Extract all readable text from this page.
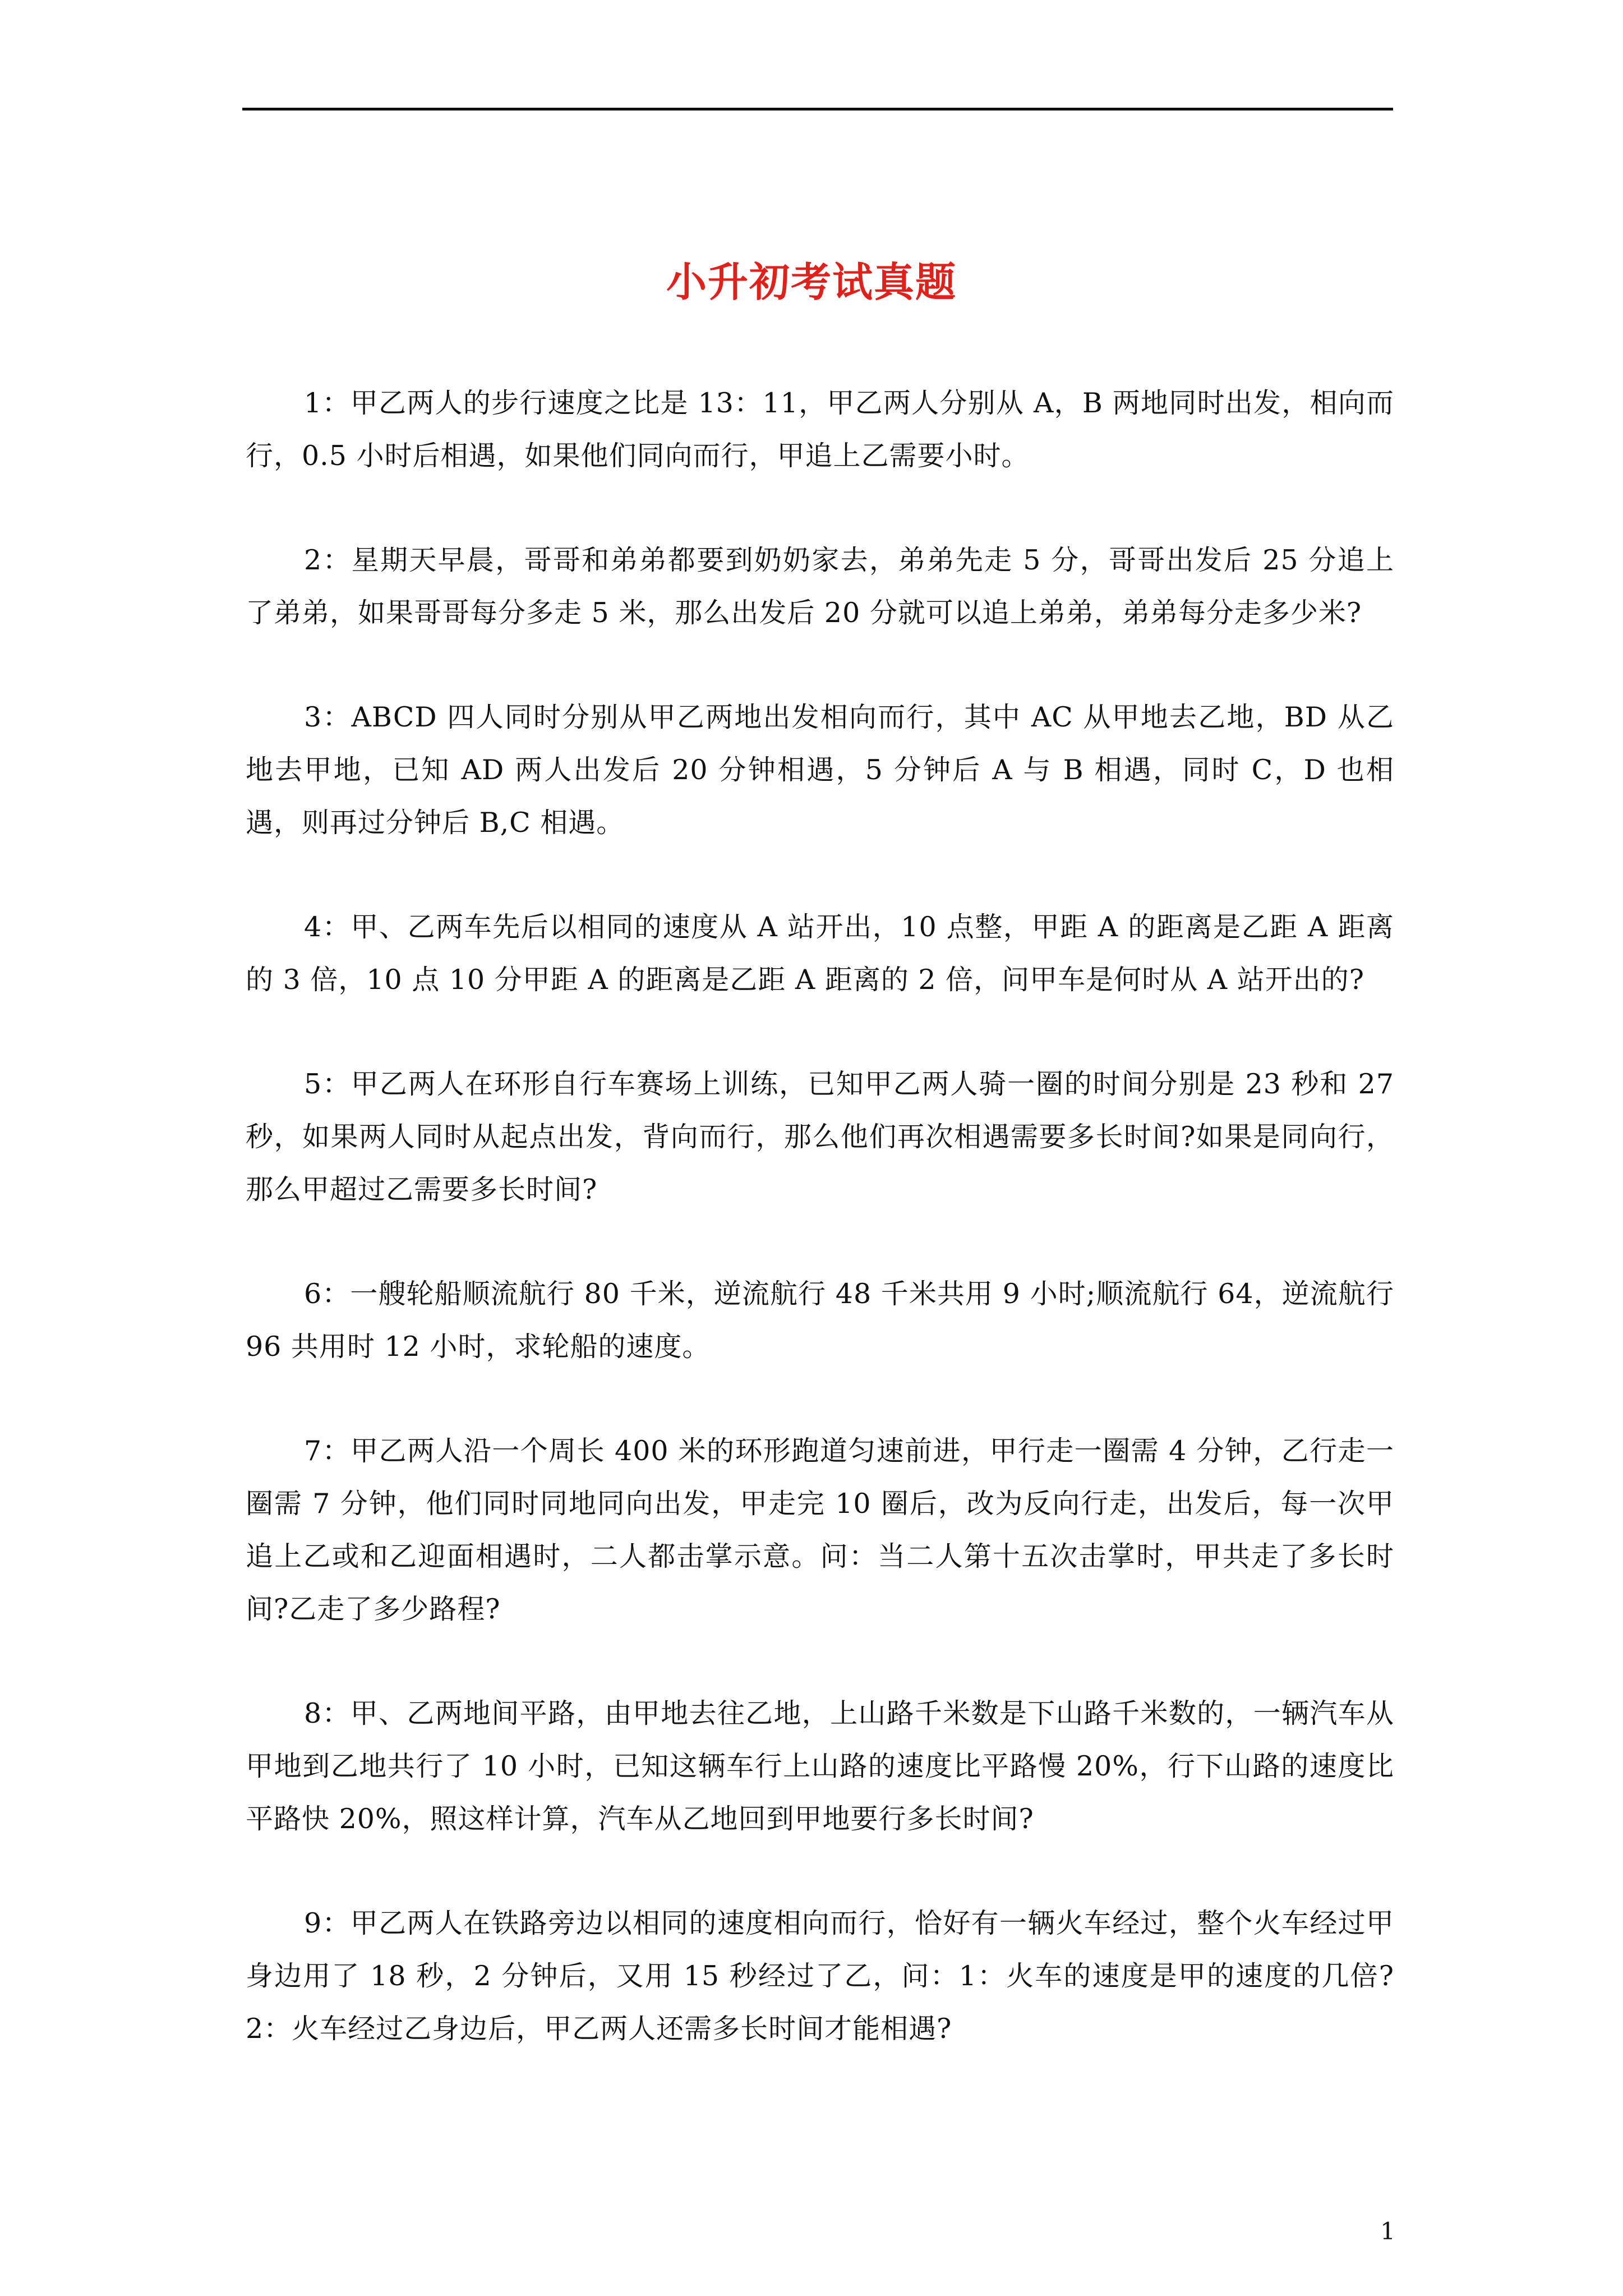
小升初考试真题

1：甲乙两人的步行速度之比是 13：11，甲乙两人分别从 A，B 两地同时出发，相向而行，0.5 小时后相遇，如果他们同向而行，甲追上乙需要小时。

2：星期天早晨，哥哥和弟弟都要到奶奶家去，弟弟先走 5 分，哥哥出发后 25 分追上了弟弟，如果哥哥每分多走 5 米，那么出发后 20 分就可以追上弟弟，弟弟每分走多少米?

3：ABCD 四人同时分别从甲乙两地出发相向而行，其中 AC 从甲地去乙地，BD 从乙地去甲地，已知 AD 两人出发后 20 分钟相遇，5 分钟后 A 与 B 相遇，同时 C，D 也相遇，则再过分钟后 B,C 相遇。

4：甲、乙两车先后以相同的速度从 A 站开出，10 点整，甲距 A 的距离是乙距 A 距离的 3 倍，10 点 10 分甲距 A 的距离是乙距 A 距离的 2 倍，问甲车是何时从 A 站开出的?

5：甲乙两人在环形自行车赛场上训练，已知甲乙两人骑一圈的时间分别是 23 秒和 27 秒，如果两人同时从起点出发，背向而行，那么他们再次相遇需要多长时间?如果是同向行，那么甲超过乙需要多长时间?

6：一艘轮船顺流航行 80 千米，逆流航行 48 千米共用 9 小时;顺流航行 64，逆流航行 96 共用时 12 小时，求轮船的速度。

7：甲乙两人沿一个周长 400 米的环形跑道匀速前进，甲行走一圈需 4 分钟，乙行走一圈需 7 分钟，他们同时同地同向出发，甲走完 10 圈后，改为反向行走，出发后，每一次甲追上乙或和乙迎面相遇时，二人都击掌示意。问：当二人第十五次击掌时，甲共走了多长时间?乙走了多少路程?

8：甲、乙两地间平路，由甲地去往乙地，上山路千米数是下山路千米数的，一辆汽车从甲地到乙地共行了 10 小时，已知这辆车行上山路的速度比平路慢 20%，行下山路的速度比平路快 20%，照这样计算，汽车从乙地回到甲地要行多长时间?

9：甲乙两人在铁路旁边以相同的速度相向而行，恰好有一辆火车经过，整个火车经过甲身边用了 18 秒，2 分钟后，又用 15 秒经过了乙，问：1：火车的速度是甲的速度的几倍?2：火车经过乙身边后，甲乙两人还需多长时间才能相遇?

1
